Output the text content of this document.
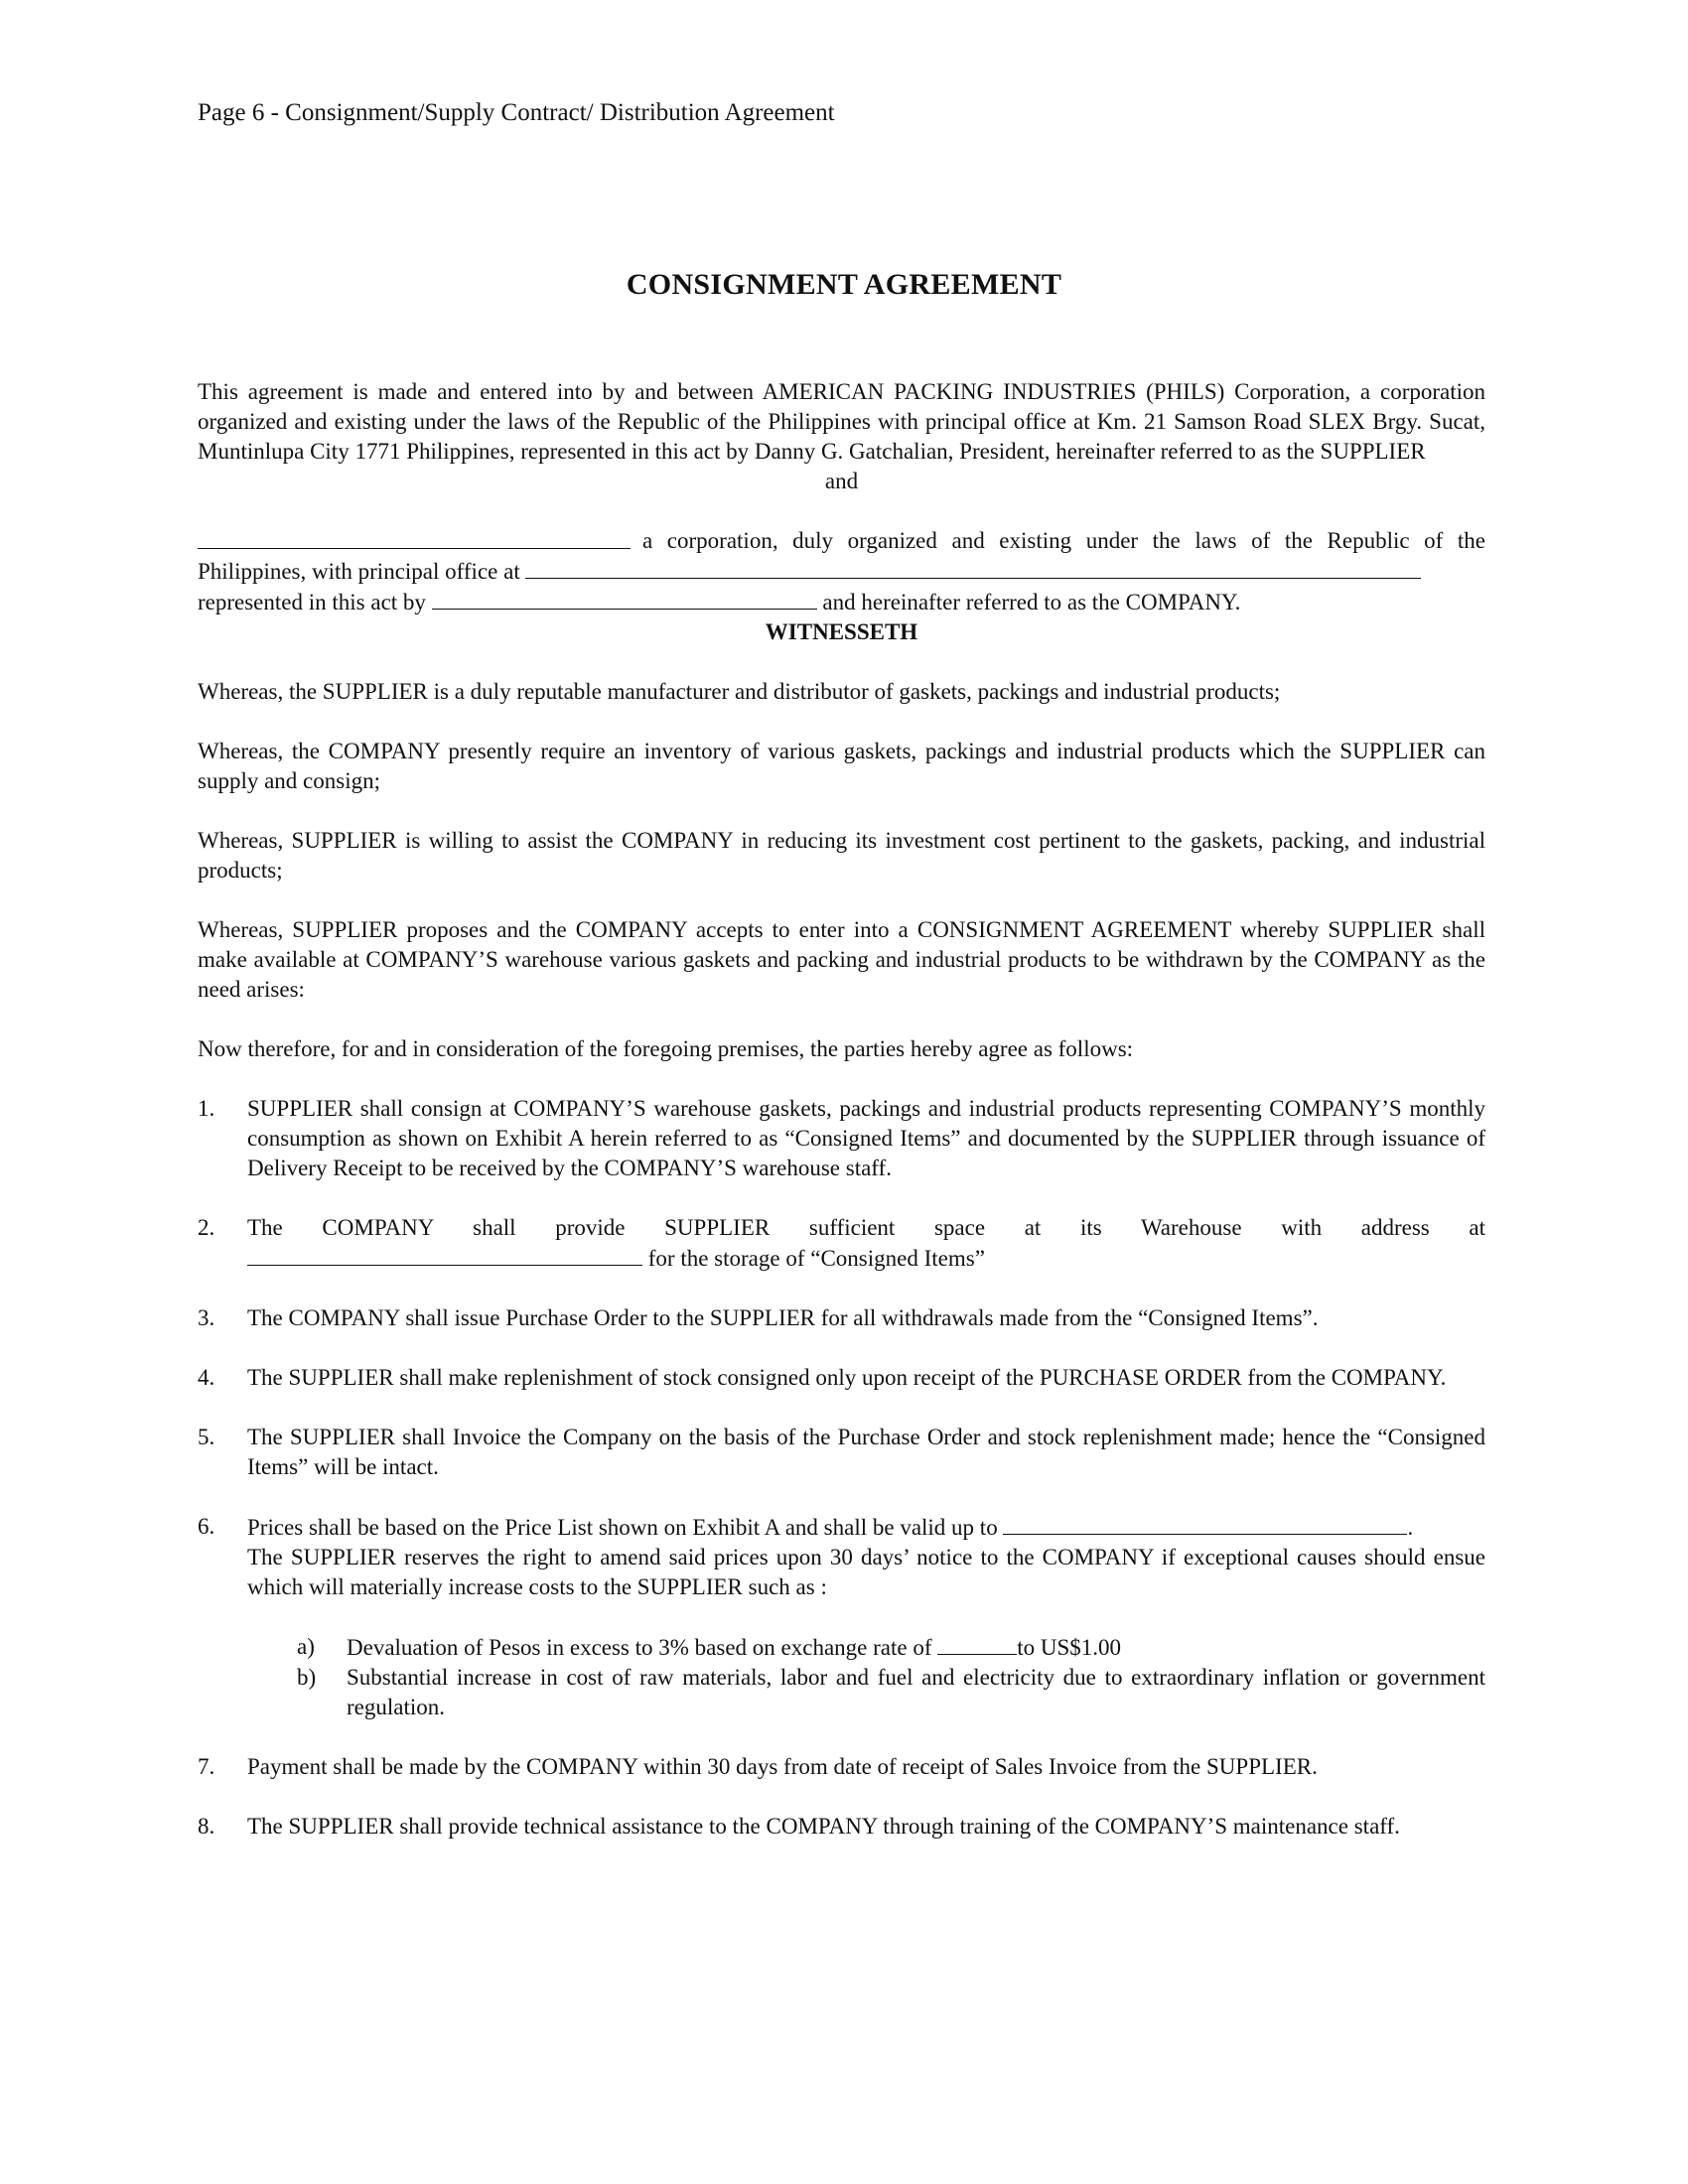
Page 6 - Consignment/Supply Contract/ Distribution Agreement
CONSIGNMENT AGREEMENT

This agreement is made and entered into by and between AMERICAN PACKING INDUSTRIES (PHILS) Corporation, a corporation organized and existing under the laws of the Republic of the Philippines with principal office at Km. 21 Samson Road SLEX Brgy. Sucat, Muntinlupa City 1771 Philippines, represented in this act by Danny G. Gatchalian, President, hereinafter referred to as the SUPPLIER

and

a corporation, duly organized and existing under the laws of the Republic of the
Philippines, with principal office at
represented in this act by	and hereinafter referred to as the COMPANY.

WITNESSETH

Whereas, the SUPPLIER is a duly reputable manufacturer and distributor of gaskets, packings and industrial products;

Whereas, the COMPANY presently require an inventory of various gaskets, packings and industrial products which the SUPPLIER can supply and consign;

Whereas, SUPPLIER is willing to assist the COMPANY in reducing its investment cost pertinent to the gaskets, packing, and industrial products;

Whereas, SUPPLIER proposes and the COMPANY accepts to enter into a CONSIGNMENT AGREEMENT whereby SUPPLIER shall make available at COMPANY’S warehouse various gaskets and packing and industrial products to be withdrawn by the COMPANY as the need arises:

Now therefore, for and in consideration of the foregoing premises, the parties hereby agree as follows:

1. SUPPLIER shall consign at COMPANY’S warehouse gaskets, packings and industrial products representing COMPANY’S monthly consumption as shown on Exhibit A herein referred to as “Consigned Items” and documented by the SUPPLIER through issuance of Delivery Receipt to be received by the COMPANY’S warehouse staff.

2. The COMPANY shall provide SUPPLIER sufficient space at its Warehouse with address at
for the storage of “Consigned Items”
3. The COMPANY shall issue Purchase Order to the SUPPLIER for all withdrawals made from the “Consigned Items”.

4. The SUPPLIER shall make replenishment of stock consigned only upon receipt of the PURCHASE ORDER from the COMPANY.

5. The SUPPLIER shall Invoice the Company on the basis of the Purchase Order and stock replenishment made; hence the “Consigned Items” will be intact.

6. Prices shall be based on the Price List shown on Exhibit A and shall be valid up to	.

The SUPPLIER reserves the right to amend said prices upon 30 days’ notice to the COMPANY if exceptional causes should ensue which will materially increase costs to the SUPPLIER such as :

a) Devaluation of Pesos in excess to 3% based on exchange rate of	to US$1.00
b) Substantial increase in cost of raw materials, labor and fuel and electricity due to extraordinary inflation or government regulation.

7. Payment shall be made by the COMPANY within 30 days from date of receipt of Sales Invoice from the SUPPLIER.

8. The SUPPLIER shall provide technical assistance to the COMPANY through training of the COMPANY’S maintenance staff.
